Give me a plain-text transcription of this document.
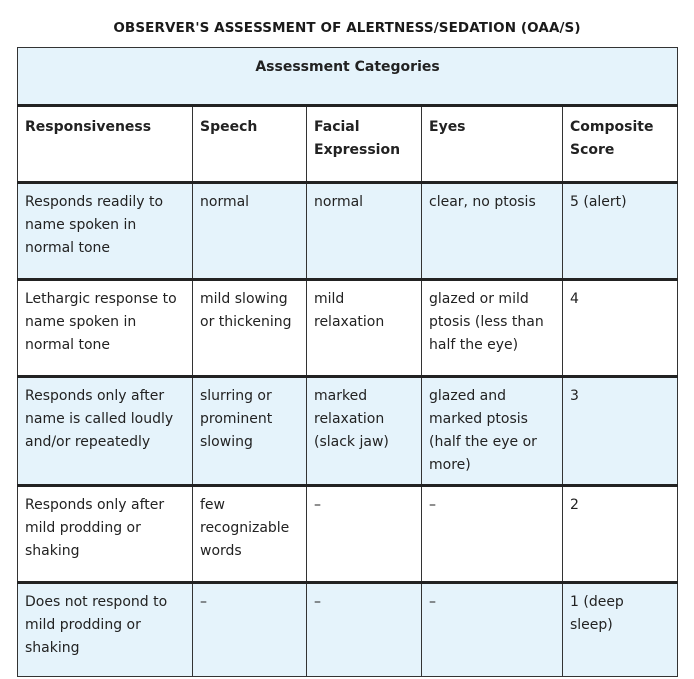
OBSERVER'S ASSESSMENT OF ALERTNESS/SEDATION (OAA/S)
Assessment Categories				
Responsiveness	Speech	Facial Expression	Eyes	Composite Score
Responds readily to name spoken in normal tone	normal	normal	clear, no ptosis	5 (alert)
Lethargic response to name spoken in normal tone	mild slowing or thickening	mild relaxation	glazed or mild ptosis (less than half the eye)	4
Responds only after name is called loudly and/or repeatedly	slurring or prominent slowing	marked relaxation (slack jaw)	glazed and marked ptosis (half the eye or more)	3
Responds only after mild prodding or shaking	few recognizable words	–	–	2
Does not respond to mild prodding or shaking	–	–	–	1 (deep sleep)
